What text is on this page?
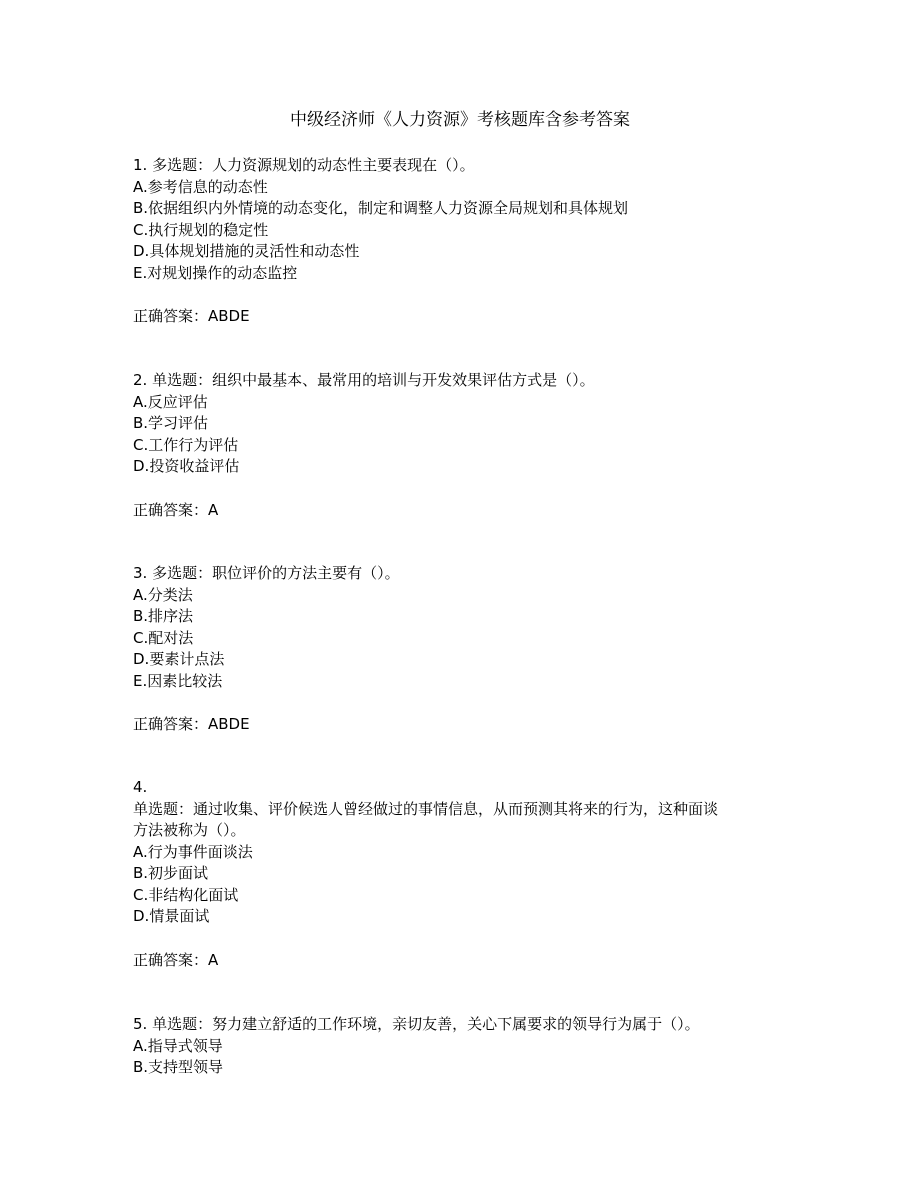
中级经济师《人力资源》考核题库含参考答案
1. 多选题：人力资源规划的动态性主要表现在（）。
A.参考信息的动态性
B.依据组织内外情境的动态变化，制定和调整人力资源全局规划和具体规划
C.执行规划的稳定性
D.具体规划措施的灵活性和动态性
E.对规划操作的动态监控
正确答案：ABDE
2. 单选题：组织中最基本、最常用的培训与开发效果评估方式是（）。
A.反应评估
B.学习评估
C.工作行为评估
D.投资收益评估
正确答案：A
3. 多选题：职位评价的方法主要有（）。
A.分类法
B.排序法
C.配对法
D.要素计点法
E.因素比较法
正确答案：ABDE
4.
单选题：通过收集、评价候选人曾经做过的事情信息，从而预测其将来的行为，这种面谈
方法被称为（）。
A.行为事件面谈法
B.初步面试
C.非结构化面试
D.情景面试
正确答案：A
5. 单选题：努力建立舒适的工作环境，亲切友善，关心下属要求的领导行为属于（）。
A.指导式领导
B.支持型领导
